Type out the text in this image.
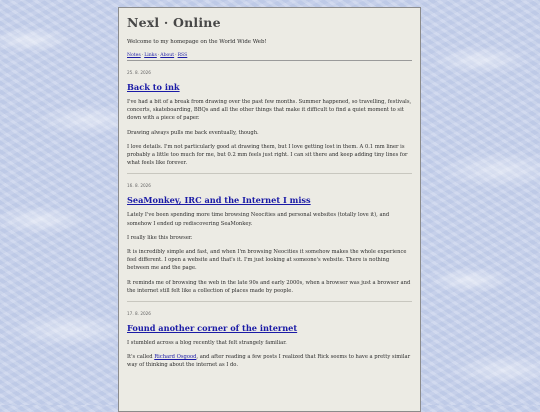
Nexl · Online

Welcome to my homepage on the World Wide Web!

Notes·Links·About·RSS
25. 8. 2026
Back to ink

I've had a bit of a break from drawing over the past few months. Summer happened, so travelling, festivals, concerts, skateboarding, BBQs and all the other things that make it difficult to find a quiet moment to sit down with a piece of paper.

Drawing always pulls me back eventually, though.

I love details. I'm not particularly good at drawing them, but I love getting lost in them. A 0.1 mm liner is probably a little too much for me, but 0.2 mm feels just right. I can sit there and keep adding tiny lines for what feels like forever.

16. 8. 2026
SeaMonkey, IRC and the Internet I miss

Lately I've been spending more time browsing Neocities and personal websites (totally love it), and somehow I ended up rediscovering SeaMonkey.

I really like this browser.

It is incredibly simple and fast, and when I'm browsing Neocities it somehow makes the whole experience feel different. I open a website and that's it. I'm just looking at someone's website. There is nothing between me and the page.

It reminds me of browsing the web in the late 90s and early 2000s, when a browser was just a browser and the internet still felt like a collection of places made by people.

17. 8. 2026
Found another corner of the internet

I stumbled across a blog recently that felt strangely familiar.

It's called Richard Osgood, and after reading a few posts I realized that Rick seems to have a pretty similar way of thinking about the internet as I do.
